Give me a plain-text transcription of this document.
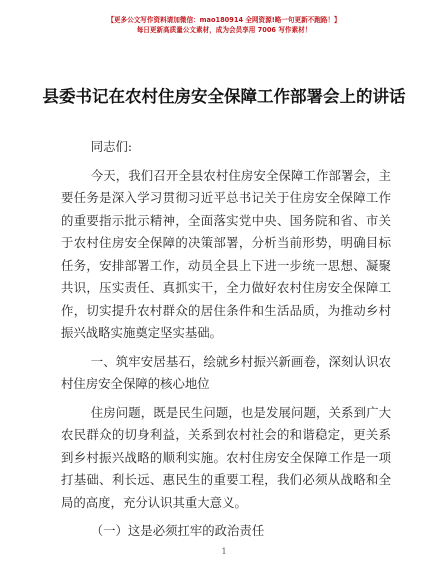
【更多公文写作资料请加微信：mao180914 全网资源!略一句更新不跑路！】
每日更新高质量公文素材，成为会员享用 7006 写作素材！
县委书记在农村住房安全保障工作部署会上的讲话

同志们:

今天，我们召开全县农村住房安全保障工作部署会，主要任务是深入学习贯彻习近平总书记关于住房安全保障工作的重要指示批示精神，全面落实党中央、国务院和省、市关于农村住房安全保障的决策部署，分析当前形势，明确目标任务，安排部署工作，动员全县上下进一步统一思想、凝聚共识，压实责任、真抓实干，全力做好农村住房安全保障工作，切实提升农村群众的居住条件和生活品质，为推动乡村振兴战略实施奠定坚实基础。

一、筑牢安居基石，绘就乡村振兴新画卷，深刻认识农村住房安全保障的核心地位

住房问题，既是民生问题，也是发展问题，关系到广大农民群众的切身利益，关系到农村社会的和谐稳定，更关系到乡村振兴战略的顺利实施。农村住房安全保障工作是一项打基础、利长远、惠民生的重要工程，我们必须从战略和全局的高度，充分认识其重大意义。

（一）这是必须扛牢的政治责任

1
